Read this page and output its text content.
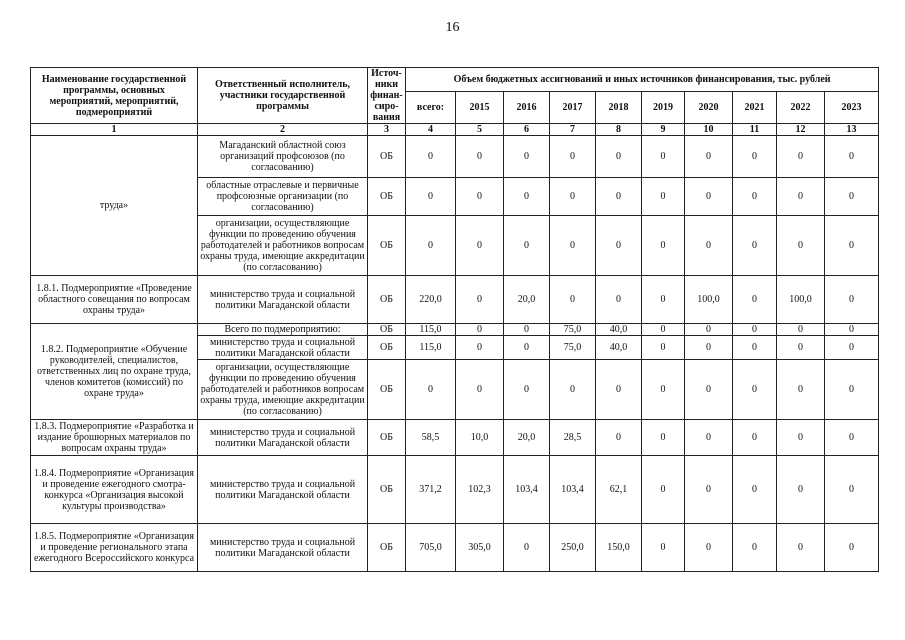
16
Наименование государственной программы, основных мероприятий, мероприятий, подмероприятий	Ответственный исполнитель, участники государственной программы	Источ-ники финан-сиро-вания	Объем бюджетных ассигнований и иных источников финансирования, тыс. рублей									
			всего:	2015	2016	2017	2018	2019	2020	2021	2022	2023
1	2	3	4	5	6	7	8	9	10	11	12	13
труда»	Магаданский областной союз организаций профсоюзов (по согласованию)	ОБ	0	0	0	0	0	0	0	0	0	0
	областные отраслевые и первичные профсоюзные организации (по согласованию)	ОБ	0	0	0	0	0	0	0	0	0	0
	организации, осуществляющие функции по проведению обучения работодателей и работников вопросам охраны труда, имеющие аккредитации (по согласованию)	ОБ	0	0	0	0	0	0	0	0	0	0
1.8.1. Подмероприятие «Проведение областного совещания по вопросам охраны труда»	министерство труда и социальной политики Магаданской области	ОБ	220,0	0	20,0	0	0	0	100,0	0	100,0	0
1.8.2. Подмероприятие «Обучение руководителей, специалистов, ответственных лиц по охране труда, членов комитетов (комиссий) по охране труда»	Всего по подмероприятию:	ОБ	115,0	0	0	75,0	40,0	0	0	0	0	0
	министерство труда и социальной политики Магаданской области	ОБ	115,0	0	0	75,0	40,0	0	0	0	0	0
	организации, осуществляющие функции по проведению обучения работодателей и работников вопросам охраны труда, имеющие аккредитации (по согласованию)	ОБ	0	0	0	0	0	0	0	0	0	0
1.8.3. Подмероприятие «Разработка и издание брошюрных материалов по вопросам охраны труда»	министерство труда и социальной политики Магаданской области	ОБ	58,5	10,0	20,0	28,5	0	0	0	0	0	0
1.8.4. Подмероприятие «Организация и проведение ежегодного смотра-конкурса «Организация высокой культуры производства»	министерство труда и социальной политики Магаданской области	ОБ	371,2	102,3	103,4	103,4	62,1	0	0	0	0	0
1.8.5. Подмероприятие «Организация и проведение регионального этапа ежегодного Всероссийского конкурса	министерство труда и социальной политики Магаданской области	ОБ	705,0	305,0	0	250,0	150,0	0	0	0	0	0
